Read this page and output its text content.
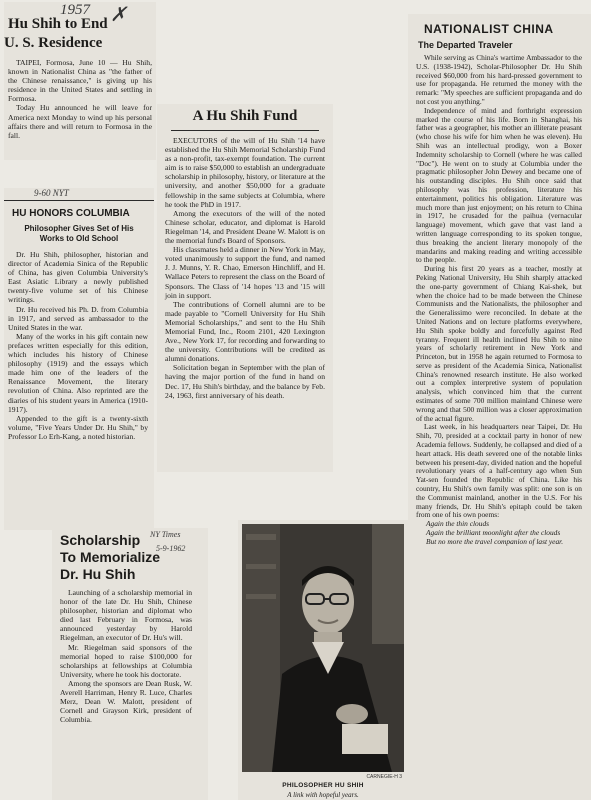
1957 ✗
Hu Shih to End
U. S. Residence

TAIPEI, Formosa, June 10 — Hu Shih, known in Nationalist China as "the father of the Chinese renaissance," is giving up his residence in the United States and settling in Formosa.

Today Hu announced he will leave for America next Monday to wind up his personal affairs there and will return to Formosa in the fall.

9-60 NYT
HU HONORS COLUMBIA
Philosopher Gives Set of His Works to Old School

Dr. Hu Shih, philosopher, historian and director of Academia Sinica of the Republic of China, has given Columbia University's East Asiatic Library a newly published twenty-five volume set of his Chinese writings.

Dr. Hu received his Ph. D. from Columbia in 1917, and served as ambassador to the United States in the war.

Many of the works in his gift contain new prefaces written especially for this edition, which includes his history of Chinese philosophy (1919) and the essays which made him one of the leaders of the Renaissance Movement, the literary revolution of China. Also reprinted are the diaries of his student years in America (1910-1917).

Appended to the gift is a twenty-sixth volume, "Five Years Under Dr. Hu Shih," by Professor Lo Erh-Kang, a noted historian.

A Hu Shih Fund

EXECUTORS of the will of Hu Shih '14 have established the Hu Shih Memorial Scholarship Fund as a non-profit, tax-exempt foundation. The current aim is to raise $50,000 to establish an undergraduate scholarship in philosophy, history, or literature at the university, and another $50,000 for a graduate fellowship in the same subjects at Columbia, where he took the PhD in 1917.

Among the executors of the will of the noted Chinese scholar, educator, and diplomat is Harold Riegelman '14, and President Deane W. Malott is on the memorial fund's Board of Sponsors.

His classmates held a dinner in New York in May, voted unanimously to support the fund, and named J. J. Munns, Y. R. Chao, Emerson Hinchliff, and H. Wallace Peters to represent the class on the Board of Sponsors. The Class of '14 hopes '13 and '15 will join in support.

The contributions of Cornell alumni are to be made payable to "Cornell University for Hu Shih Memorial Scholarships," and sent to the Hu Shih Memorial Fund, Inc., Room 2101, 420 Lexington Ave., New York 17, for recording and forwarding to the university. Contributions will be credited as alumni donations.

Solicitation began in September with the plan of having the major portion of the fund in hand on Dec. 17, Hu Shih's birthday, and the balance by Feb. 24, 1963, first anniversary of his death.

NY Times
5-9-1962
Scholarship
To Memorialize
Dr. Hu Shih

Launching of a scholarship memorial in honor of the late Dr. Hu Shih, Chinese philosopher, historian and diplomat who died last February in Formosa, was announced yesterday by Harold Riegelman, an executor of Dr. Hu's will.

Mr. Riegelman said sponsors of the memorial hoped to raise $100,000 for scholarships at fellowships at Columbia University, where he took his doctorate.

Among the sponsors are Dean Rusk, W. Averell Harriman, Henry R. Luce, Charles Merz, Dean W. Malott, president of Cornell and Grayson Kirk, president of Columbia.

CARNEGIE-H 3
PHILOSOPHER HU SHIH
A link with hopeful years.
NATIONALIST CHINA
The Departed Traveler

While serving as China's wartime Ambassador to the U.S. (1938-1942), Scholar-Philosopher Dr. Hu Shih received $60,000 from his hard-pressed government to use for propaganda. He returned the money with the remark: "My speeches are sufficient propaganda and do not cost you anything."

Independence of mind and forthright expression marked the course of his life. Born in Shanghai, his father was a geographer, his mother an illiterate peasant (who chose his wife for him when he was eleven). Hu Shih was an intellectual prodigy, won a Boxer Indemnity scholarship to Cornell (where he was called "Doc"). He went on to study at Columbia under the pragmatic philosopher John Dewey and became one of his outstanding disciples. Hu Shih once said that philosophy was his profession, literature his entertainment, politics his obligation. Literature was much more than just enjoyment; on his return to China in 1917, he crusaded for the paihua (vernacular language) movement, which gave that vast land a written language corresponding to its spoken tongue, thus breaking the ancient literary monopoly of the mandarins and making reading and writing accessible to the people.

During his first 20 years as a teacher, mostly at Peking National University, Hu Shih sharply attacked the one-party government of Chiang Kai-shek, but when the choice had to be made between the Chinese Communists and the Nationalists, the philosopher and the Generalissimo were reconciled. In debate at the United Nations and on lecture platforms everywhere, Hu Shih spoke boldly and forcefully against Red tyranny. Frequent ill health inclined Hu Shih to nine years of scholarly retirement in New York and Princeton, but in 1958 he again returned to Formosa to serve as president of the Academia Sinica, Nationalist China's renowned research institute. He also worked out a complex interpretive system of population analysis, which convinced him that the current estimates of some 700 million mainland Chinese were wrong and that 500 million was a closer approximation of the actual figure.

Last week, in his headquarters near Taipei, Dr. Hu Shih, 70, presided at a cocktail party in honor of new Academia fellows. Suddenly, he collapsed and died of a heart attack. His death severed one of the notable links between his present-day, divided nation and the hopeful revolutionary years of a half-century ago when Sun Yat-sen founded the Republic of China. Like his country, Hu Shih's own family was split: one son is on the Communist mainland, another in the U.S. For his many friends, Dr. Hu Shih's epitaph could be taken from one of his own poems:

Again the thin clouds
Again the brilliant moonlight after the clouds
But no more the travel companion of last year.
